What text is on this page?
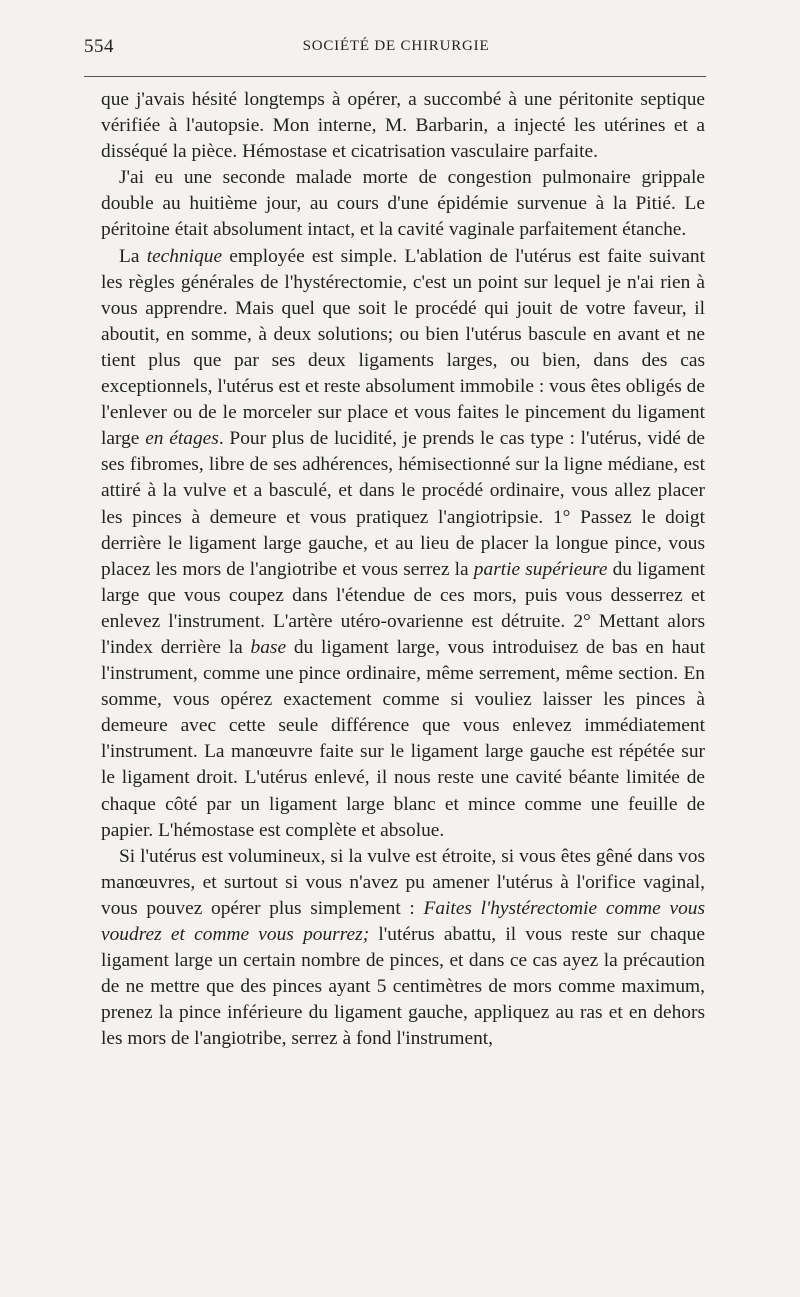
554	SOCIÉTÉ DE CHIRURGIE

que j'avais hésité longtemps à opérer, a succombé à une péritonite septique vérifiée à l'autopsie. Mon interne, M. Barbarin, a injecté les utérines et a disséqué la pièce. Hémostase et cicatrisation vasculaire parfaite.

J'ai eu une seconde malade morte de congestion pulmonaire grippale double au huitième jour, au cours d'une épidémie survenue à la Pitié. Le péritoine était absolument intact, et la cavité vaginale parfaitement étanche.

La technique employée est simple. L'ablation de l'utérus est faite suivant les règles générales de l'hystérectomie, c'est un point sur lequel je n'ai rien à vous apprendre. Mais quel que soit le procédé qui jouit de votre faveur, il aboutit, en somme, à deux solutions; ou bien l'utérus bascule en avant et ne tient plus que par ses deux ligaments larges, ou bien, dans des cas exceptionnels, l'utérus est et reste absolument immobile : vous êtes obligés de l'enlever ou de le morceler sur place et vous faites le pincement du ligament large en étages. Pour plus de lucidité, je prends le cas type : l'utérus, vidé de ses fibromes, libre de ses adhérences, hémisectionné sur la ligne médiane, est attiré à la vulve et a basculé, et dans le procédé ordinaire, vous allez placer les pinces à demeure et vous pratiquez l'angiotripsie. 1° Passez le doigt derrière le ligament large gauche, et au lieu de placer la longue pince, vous placez les mors de l'angiotribe et vous serrez la partie supérieure du ligament large que vous coupez dans l'étendue de ces mors, puis vous desserrez et enlevez l'instrument. L'artère utéro-ovarienne est détruite. 2° Mettant alors l'index derrière la base du ligament large, vous introduisez de bas en haut l'instrument, comme une pince ordinaire, même serrement, même section. En somme, vous opérez exactement comme si vouliez laisser les pinces à demeure avec cette seule différence que vous enlevez immédiatement l'instrument. La manœuvre faite sur le ligament large gauche est répétée sur le ligament droit. L'utérus enlevé, il nous reste une cavité béante limitée de chaque côté par un ligament large blanc et mince comme une feuille de papier. L'hémostase est complète et absolue.

Si l'utérus est volumineux, si la vulve est étroite, si vous êtes gêné dans vos manœuvres, et surtout si vous n'avez pu amener l'utérus à l'orifice vaginal, vous pouvez opérer plus simplement : Faites l'hystérectomie comme vous voudrez et comme vous pourrez; l'utérus abattu, il vous reste sur chaque ligament large un certain nombre de pinces, et dans ce cas ayez la précaution de ne mettre que des pinces ayant 5 centimètres de mors comme maximum, prenez la pince inférieure du ligament gauche, appliquez au ras et en dehors les mors de l'angiotribe, serrez à fond l'instrument,
